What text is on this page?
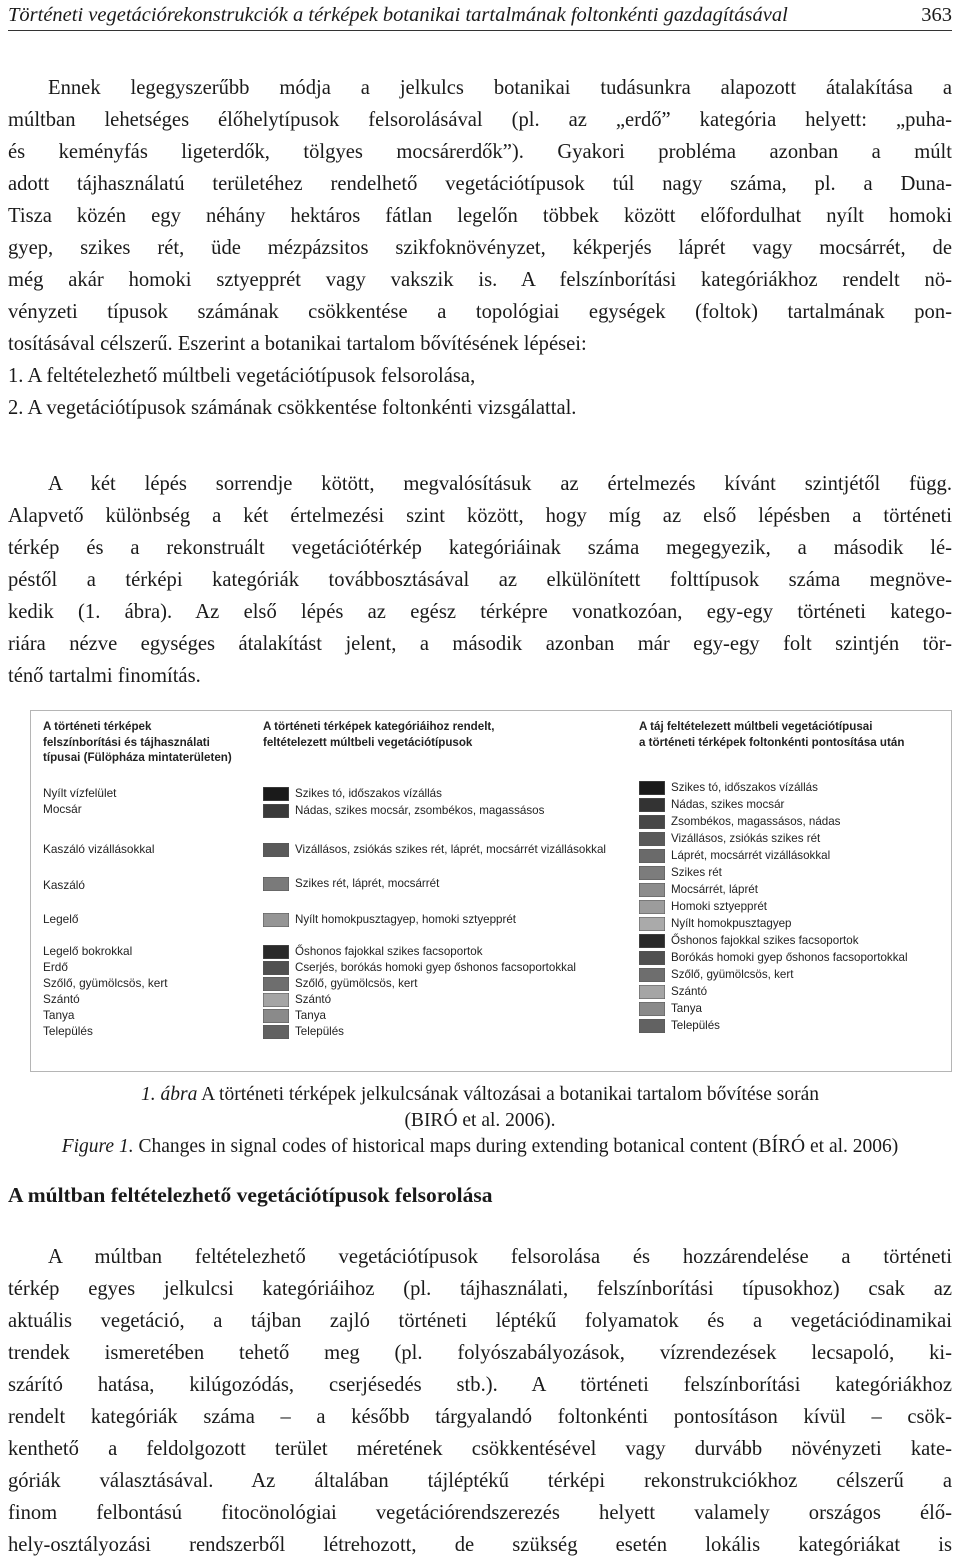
Történeti vegetációrekonstrukciók a térképek botanikai tartalmának foltonkénti gazdagításával	363
Ennek legegyszerűbb módja a jelkulcs botanikai tudásunkra alapozott átalakítása a
múltban lehetséges élőhelytípusok felsorolásával (pl. az „erdő” kategória helyett: „puha-
és keményfás ligeterdők, tölgyes mocsárerdők”). Gyakori probléma azonban a múlt
adott tájhasználatú területéhez rendelhető vegetációtípusok túl nagy száma, pl. a Duna-
Tisza közén egy néhány hektáros fátlan legelőn többek között előfordulhat nyílt homoki
gyep, szikes rét, üde mézpázsitos szikfoknövényzet, kékperjés láprét vagy mocsárrét, de
még akár homoki sztyepprét vagy vakszik is. A felszínborítási kategóriákhoz rendelt nö-
vényzeti típusok számának csökkentése a topológiai egységek (foltok) tartalmának pon-
tosításával célszerű. Eszerint a botanikai tartalom bővítésének lépései:
1. A feltételezhető múltbeli vegetációtípusok felsorolása,
2. A vegetációtípusok számának csökkentése foltonkénti vizsgálattal.
A két lépés sorrendje kötött, megvalósításuk az értelmezés kívánt szintjétől függ.
Alapvető különbség a két értelmezési szint között, hogy míg az első lépésben a történeti
térkép és a rekonstruált vegetációtérkép kategóriáinak száma megegyezik, a második lé-
péstől a térképi kategóriák továbbosztásával az elkülönített folttípusok száma megnöve-
kedik (1. ábra). Az első lépés az egész térképre vonatkozóan, egy-egy történeti katego-
riára nézve egységes átalakítást jelent, a második azonban már egy-egy folt szintjén tör-
ténő tartalmi finomítás.
A történeti térképek
felszínborítási és tájhasználati
típusai (Fülöpháza mintaterületen)
Nyílt vízfelület
Mocsár
Kaszáló vizállásokkal
Kaszáló
Legelő
Legelő bokrokkal
Erdő
Szőlő, gyümölcsös, kert
Szántó
Tanya
Település
A történeti térképek kategóriáihoz rendelt,
feltételezett múltbeli vegetációtípusok
Szikes tó, időszakos vízállás
Nádas, szikes mocsár, zsombékos, magassásos
Vizállásos, zsiókás szikes rét, láprét, mocsárrét vizállásokkal
Szikes rét, láprét, mocsárrét
Nyílt homokpusztagyep, homoki sztyepprét
Őshonos fajokkal szikes facsoportok
Cserjés, borókás homoki gyep őshonos facsoportokkal
Szőlő, gyümölcsös, kert
Szántó
Tanya
Település
A táj feltételezett múltbeli vegetációtípusai
a történeti térképek foltonkénti pontosítása után
Szikes tó, időszakos vízállás
Nádas, szikes mocsár
Zsombékos, magassásos, nádas
Vizállásos, zsiókás szikes rét
Láprét, mocsárrét vizállásokkal
Szikes rét
Mocsárrét, láprét
Homoki sztyepprét
Nyílt homokpusztagyep
Őshonos fajokkal szikes facsoportok
Borókás homoki gyep őshonos facsoportokkal
Szőlő, gyümölcsös, kert
Szántó
Tanya
Település
1. ábra A történeti térképek jelkulcsának változásai a botanikai tartalom bővítése során
(BIRÓ et al. 2006).
Figure 1. Changes in signal codes of historical maps during extending botanical content (BÍRÓ et al. 2006)
A múltban feltételezhető vegetációtípusok felsorolása
A múltban feltételezhető vegetációtípusok felsorolása és hozzárendelése a történeti
térkép egyes jelkulcsi kategóriáihoz (pl. tájhasználati, felszínborítási típusokhoz) csak az
aktuális vegetáció, a tájban zajló történeti léptékű folyamatok és a vegetációdinamikai
trendek ismeretében tehető meg (pl. folyószabályozások, vízrendezések lecsapoló, ki-
szárító hatása, kilúgozódás, cserjésedés stb.). A történeti felszínborítási kategóriákhoz
rendelt kategóriák száma – a később tárgyalandó foltonkénti pontosításon kívül – csök-
kenthető a feldolgozott terület méretének csökkentésével vagy durvább növényzeti kate-
góriák választásával. Az általában tájléptékű térképi rekonstrukciókhoz célszerű a
finom felbontású fitocönológiai vegetációrendszerezés helyett valamely országos élő-
hely-osztályozási rendszerből létrehozott, de szükség esetén lokális kategóriákat is
